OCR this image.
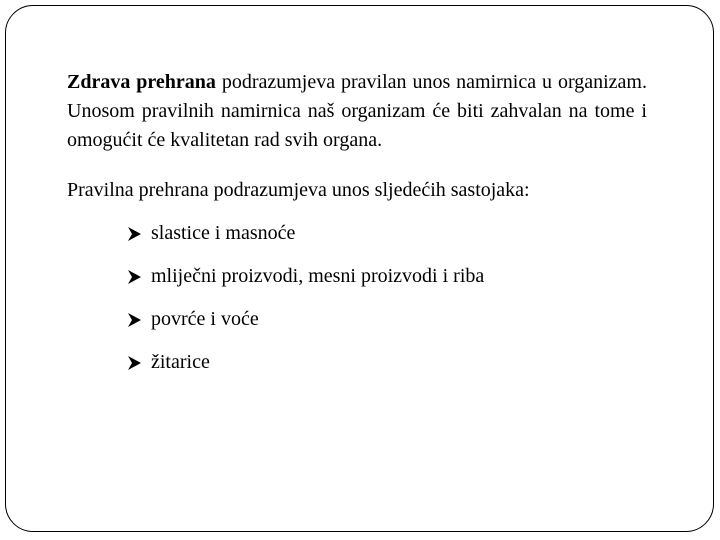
Zdrava prehrana podrazumjeva pravilan unos namirnica u organizam. Unosom pravilnih namirnica naš organizam će biti zahvalan na tome i omogućit će kvalitetan rad svih organa.

Pravilna prehrana podrazumjeva unos sljedećih sastojaka:

slastice i masnoće
mliječni proizvodi, mesni proizvodi i riba
povrće i voće
žitarice
